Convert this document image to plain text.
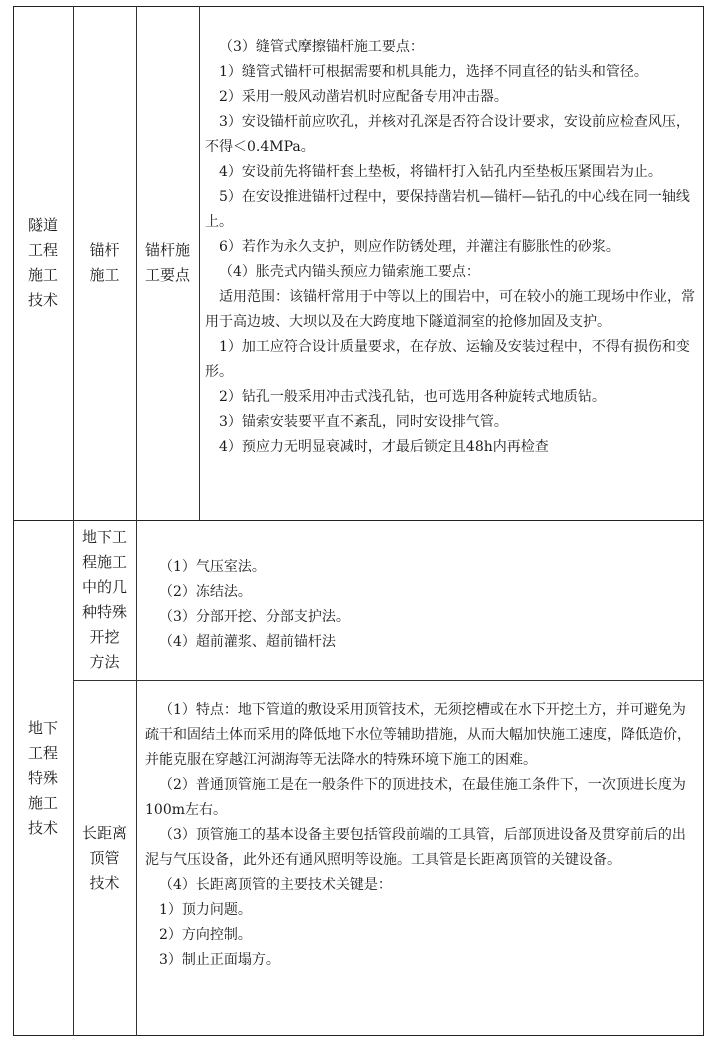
隧道
工程
施工
技术
锚杆
施工
锚杆施
工要点

（3）缝管式摩擦锚杆施工要点：

1）缝管式锚杆可根据需要和机具能力，选择不同直径的钻头和管径。

2）采用一般风动凿岩机时应配备专用冲击器。

3）安设锚杆前应吹孔，并核对孔深是否符合设计要求，安设前应检查风压，不得＜0.4MPa。

4）安设前先将锚杆套上垫板，将锚杆打入钻孔内至垫板压紧围岩为止。

5）在安设推进锚杆过程中，要保持凿岩机—锚杆—钻孔的中心线在同一轴线上。

6）若作为永久支护，则应作防锈处理，并灌注有膨胀性的砂浆。

（4）胀壳式内锚头预应力锚索施工要点：

适用范围：该锚杆常用于中等以上的围岩中，可在较小的施工现场中作业，常用于高边坡、大坝以及在大跨度地下隧道洞室的抢修加固及支护。

1）加工应符合设计质量要求，在存放、运输及安装过程中，不得有损伤和变形。

2）钻孔一般采用冲击式浅孔钻，也可选用各种旋转式地质钻。

3）锚索安装要平直不紊乱，同时安设排气管。

4）预应力无明显衰减时，才最后锁定且48h内再检查

地下
工程
特殊
施工
技术
地下工
程施工
中的几
种特殊
开挖
方法

（1）气压室法。

（2）冻结法。

（3）分部开挖、分部支护法。

（4）超前灌浆、超前锚杆法

长距离
顶管
技术

（1）特点：地下管道的敷设采用顶管技术，无须挖槽或在水下开挖土方，并可避免为疏干和固结土体而采用的降低地下水位等辅助措施，从而大幅加快施工速度，降低造价，并能克服在穿越江河湖海等无法降水的特殊环境下施工的困难。

（2）普通顶管施工是在一般条件下的顶进技术，在最佳施工条件下，一次顶进长度为100m左右。

（3）顶管施工的基本设备主要包括管段前端的工具管，后部顶进设备及贯穿前后的出泥与气压设备，此外还有通风照明等设施。工具管是长距离顶管的关键设备。

（4）长距离顶管的主要技术关键是：

1）顶力问题。

2）方向控制。

3）制止正面塌方。
